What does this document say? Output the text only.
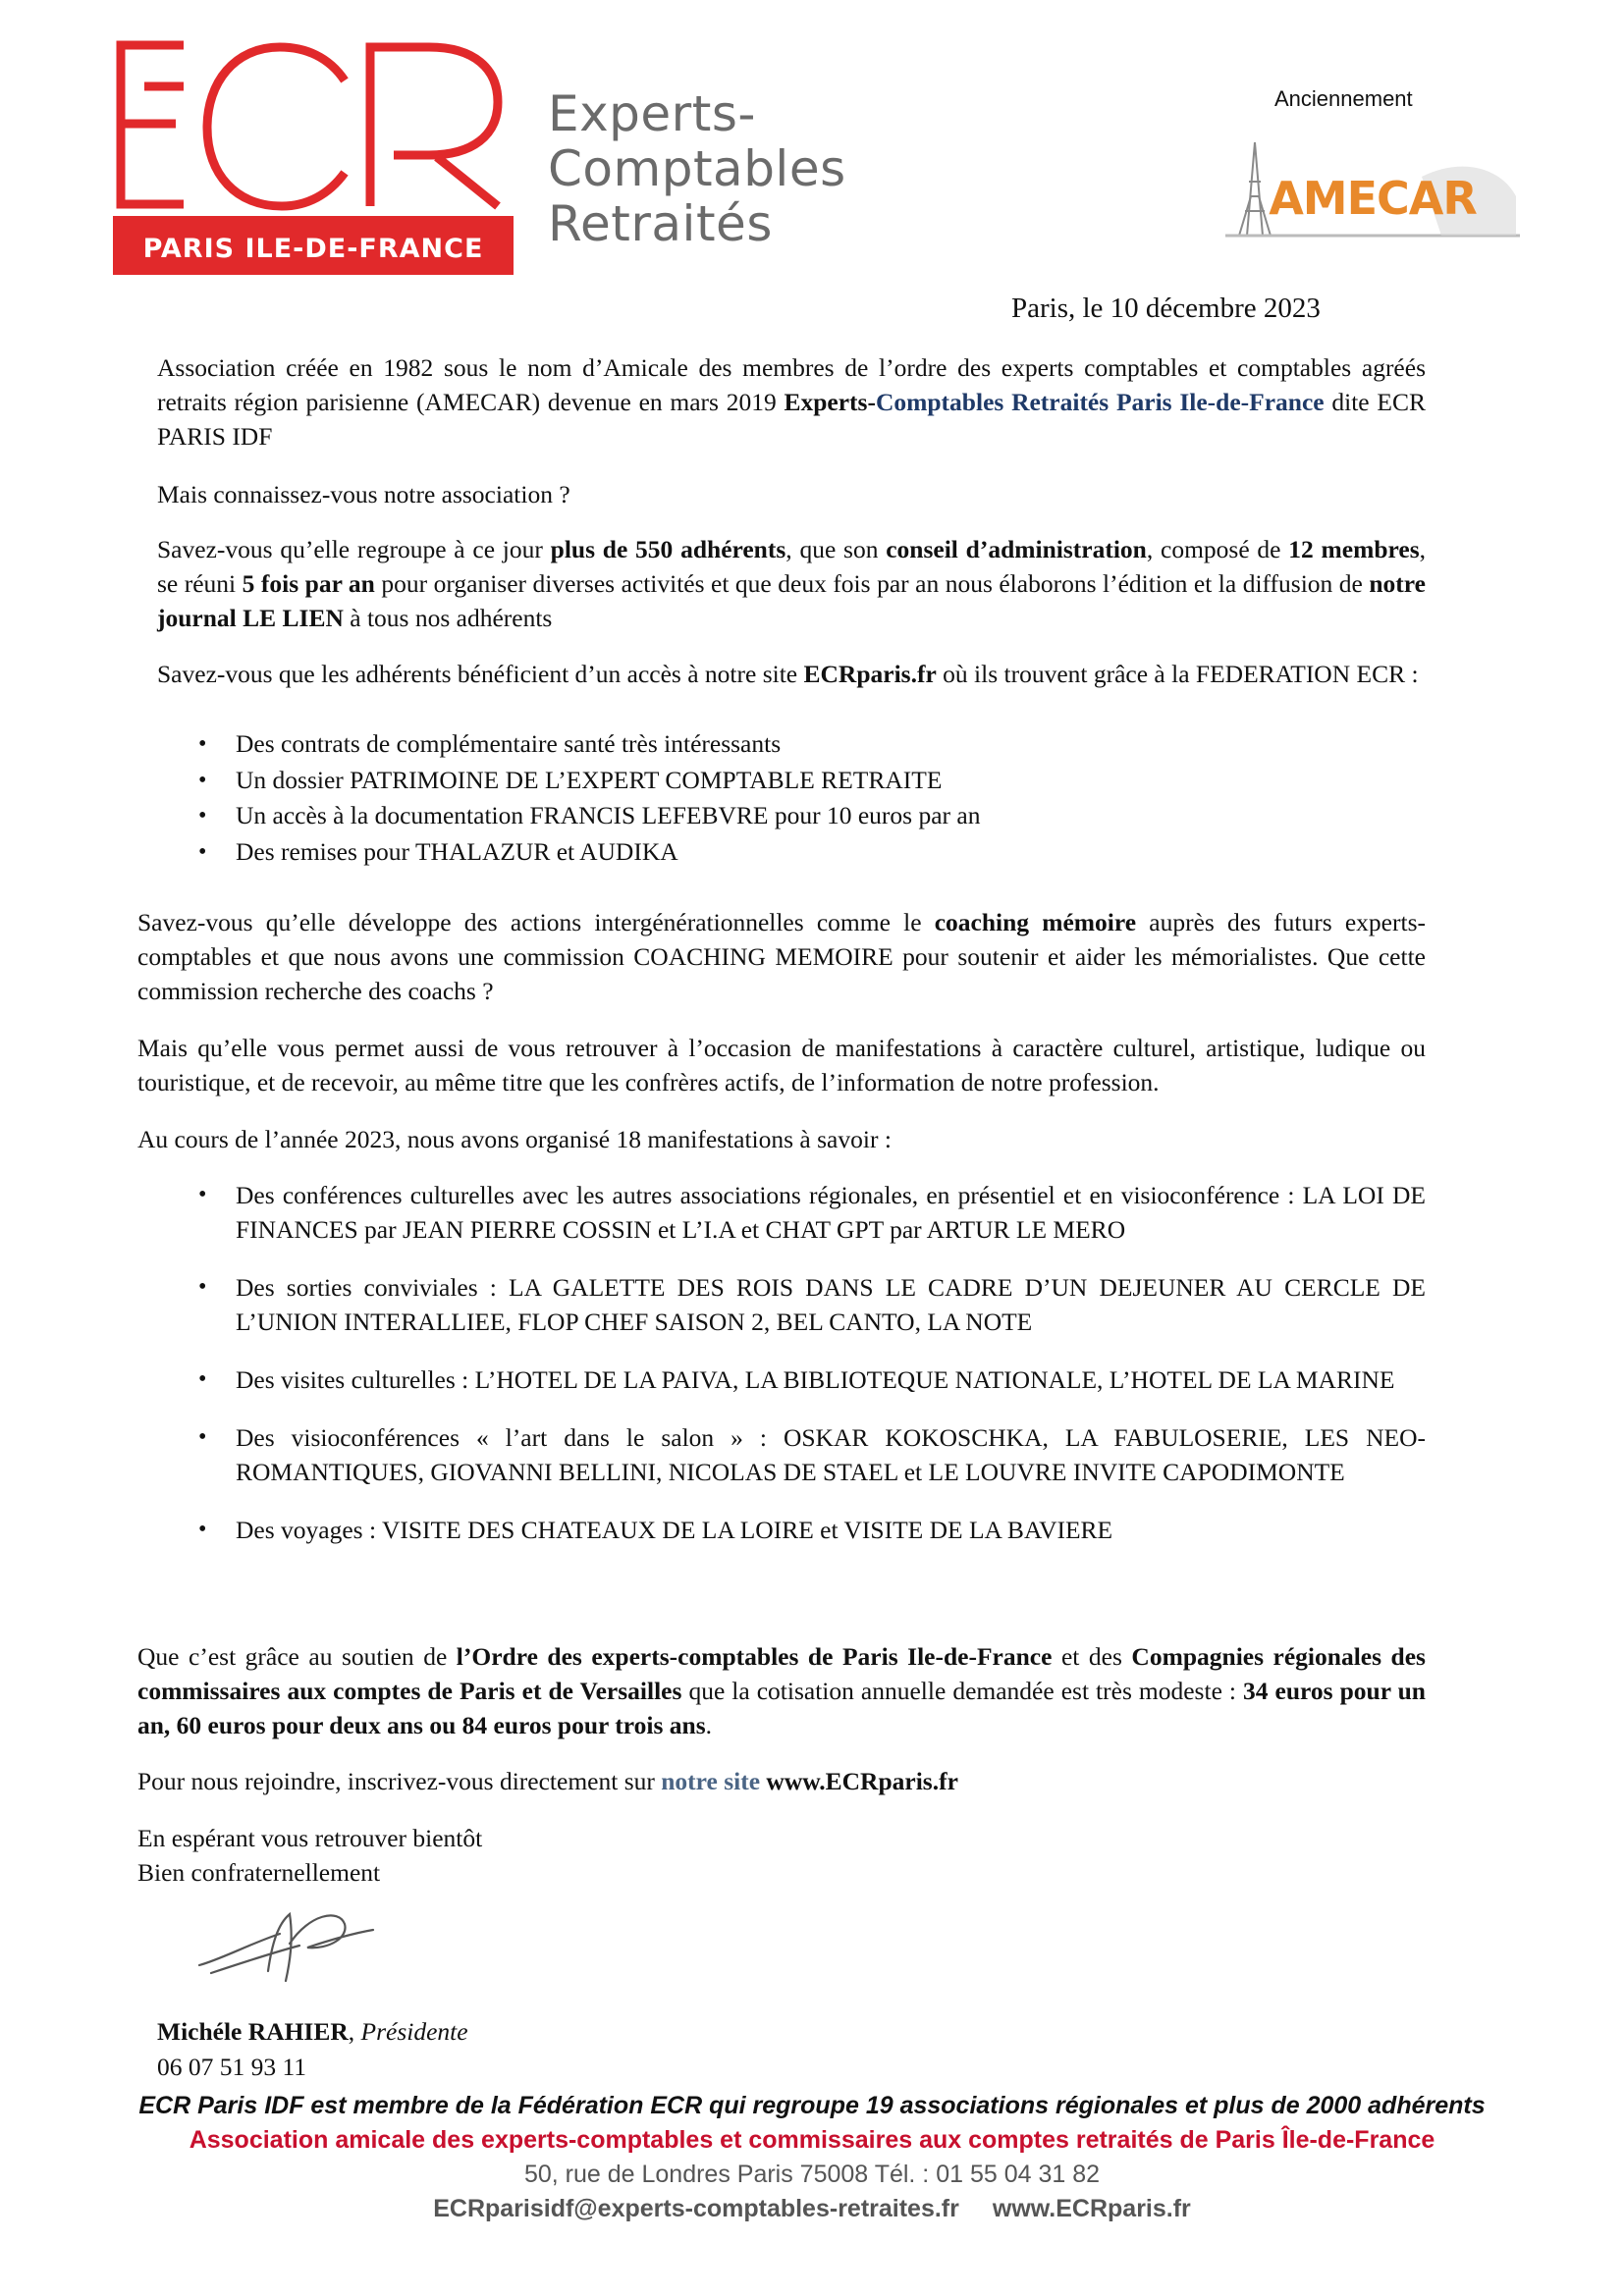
PARIS ILE-DE-FRANCE
Experts-
Comptables
Retraités
Anciennement
AMECAR
Paris, le 10 décembre 2023
Association créée en 1982 sous le nom d’Amicale des membres de l’ordre des experts comptables et comptables agréés retraits région parisienne (AMECAR) devenue en mars 2019 Experts-Comptables Retraités Paris Ile-de-France dite ECR PARIS IDF
Mais connaissez-vous notre association ?
Savez-vous qu’elle regroupe à ce jour plus de 550 adhérents, que son conseil d’administration, composé de 12 membres, se réuni 5 fois par an pour organiser diverses activités et que deux fois par an nous élaborons l’édition et la diffusion de notre journal LE LIEN à tous nos adhérents
Savez-vous que les adhérents bénéficient d’un accès à notre site ECRparis.fr où ils trouvent grâce à la FEDERATION ECR :
• Des contrats de complémentaire santé très intéressants
• Un dossier PATRIMOINE DE L’EXPERT COMPTABLE RETRAITE
• Un accès à la documentation FRANCIS LEFEBVRE pour 10 euros par an
• Des remises pour THALAZUR et AUDIKA
Savez-vous qu’elle développe des actions intergénérationnelles comme le coaching mémoire auprès des futurs experts-comptables et que nous avons une commission COACHING MEMOIRE pour soutenir et aider les mémorialistes. Que cette commission recherche des coachs ?
Mais qu’elle vous permet aussi de vous retrouver à l’occasion de manifestations à caractère culturel, artistique, ludique ou touristique, et de recevoir, au même titre que les confrères actifs, de l’information de notre profession.
Au cours de l’année 2023, nous avons organisé 18 manifestations à savoir :
• Des conférences culturelles avec les autres associations régionales, en présentiel et en visioconférence : LA LOI DE FINANCES par JEAN PIERRE COSSIN et L’I.A et CHAT GPT par ARTUR LE MERO
• Des sorties conviviales : LA GALETTE DES ROIS DANS LE CADRE D’UN DEJEUNER AU CERCLE DE L’UNION INTERALLIEE, FLOP CHEF SAISON 2, BEL CANTO, LA NOTE
• Des visites culturelles : L’HOTEL DE LA PAIVA, LA BIBLIOTEQUE NATIONALE, L’HOTEL DE LA MARINE
• Des visioconférences « l’art dans le salon » : OSKAR KOKOSCHKA, LA FABULOSERIE, LES NEO-ROMANTIQUES, GIOVANNI BELLINI, NICOLAS DE STAEL et LE LOUVRE INVITE CAPODIMONTE
• Des voyages : VISITE DES CHATEAUX DE LA LOIRE et VISITE DE LA BAVIERE
Que c’est grâce au soutien de l’Ordre des experts-comptables de Paris Ile-de-France et des Compagnies régionales des commissaires aux comptes de Paris et de Versailles que la cotisation annuelle demandée est très modeste : 34 euros pour un an, 60 euros pour deux ans ou 84 euros pour trois ans.
Pour nous rejoindre, inscrivez-vous directement sur notre site www.ECRparis.fr
En espérant vous retrouver bientôt
Bien confraternellement
Michéle RAHIER, Présidente
06 07 51 93 11
ECR Paris IDF est membre de la Fédération ECR qui regroupe 19 associations régionales et plus de 2000 adhérents
Association amicale des experts-comptables et commissaires aux comptes retraités de Paris Île-de-France
50, rue de Londres Paris 75008 Tél. : 01 55 04 31 82
ECRparisidf@experts-comptables-retraites.fr www.ECRparis.fr
